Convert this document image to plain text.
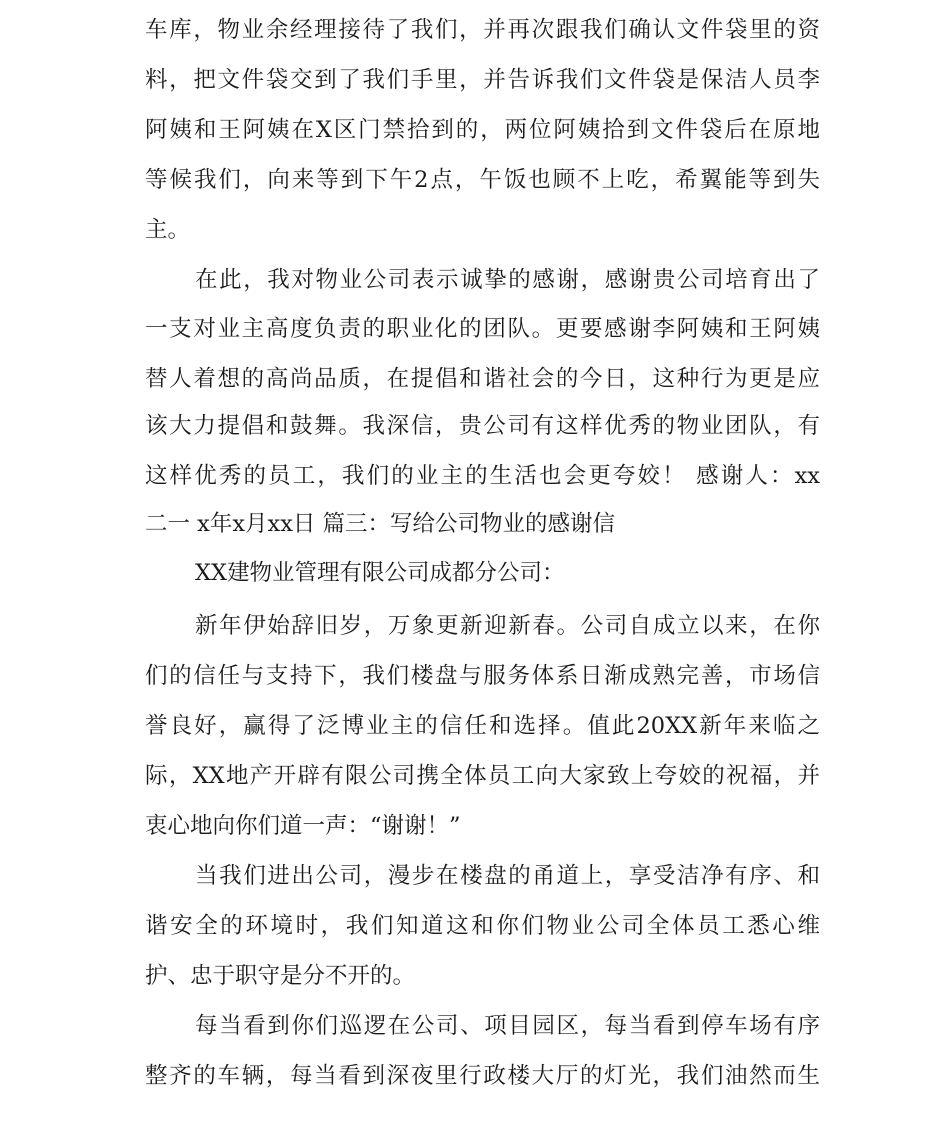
车库，物业余经理接待了我们，并再次跟我们确认文件袋里的资
料，把文件袋交到了我们手里，并告诉我们文件袋是保洁人员李
阿姨和王阿姨在X区门禁拾到的，两位阿姨拾到文件袋后在原地
等候我们，向来等到下午2点，午饭也顾不上吃，希翼能等到失
主。
在此，我对物业公司表示诚挚的感谢，感谢贵公司培育出了
一支对业主高度负责的职业化的团队。更要感谢李阿姨和王阿姨
替人着想的高尚品质，在提倡和谐社会的今日，这种行为更是应
该大力提倡和鼓舞。我深信，贵公司有这样优秀的物业团队，有
这样优秀的员工，我们的业主的生活也会更夸姣！ 感谢人：xx
二一 x年x月xx日 篇三：写给公司物业的感谢信
XX建物业管理有限公司成都分公司：
新年伊始辞旧岁，万象更新迎新春。公司自成立以来，在你
们的信任与支持下，我们楼盘与服务体系日渐成熟完善，市场信
誉良好，赢得了泛博业主的信任和选择。值此20XX新年来临之
际，XX地产开辟有限公司携全体员工向大家致上夸姣的祝福，并
衷心地向你们道一声：“谢谢！”
当我们进出公司，漫步在楼盘的甬道上，享受洁净有序、和
谐安全的环境时，我们知道这和你们物业公司全体员工悉心维
护、忠于职守是分不开的。
每当看到你们巡逻在公司、项目园区，每当看到停车场有序
整齐的车辆，每当看到深夜里行政楼大厅的灯光，我们油然而生
